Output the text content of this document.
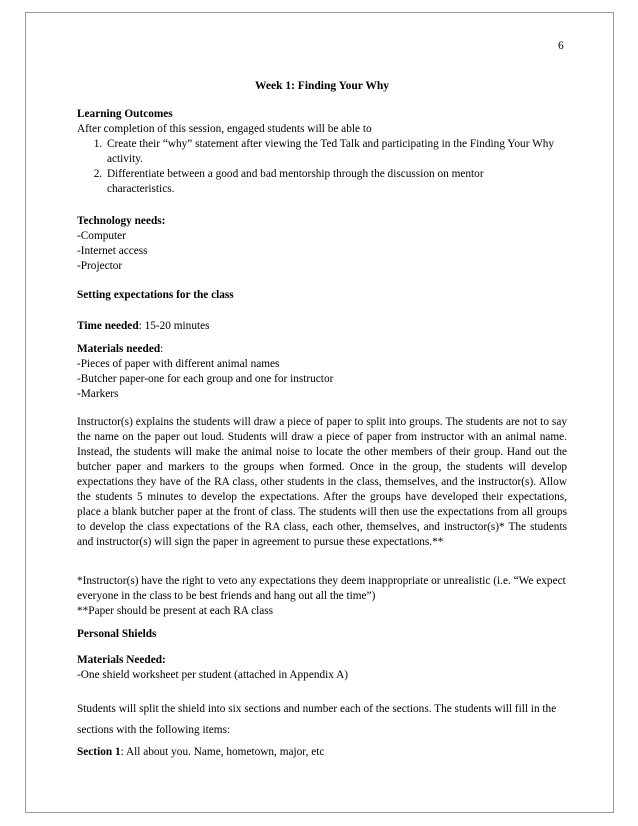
6
Week 1: Finding Your Why

Learning Outcomes

After completion of this session, engaged students will be able to

1. Create their “why” statement after viewing the Ted Talk and participating in the Finding Your Why activity.
2. Differentiate between a good and bad mentorship through the discussion on mentor characteristics.

Technology needs:

-Computer

-Internet access

-Projector

Setting expectations for the class

Time needed: 15-20 minutes

Materials needed:

-Pieces of paper with different animal names

-Butcher paper-one for each group and one for instructor

-Markers

Instructor(s) explains the students will draw a piece of paper to split into groups. The students are not to say the name on the paper out loud. Students will draw a piece of paper from instructor with an animal name. Instead, the students will make the animal noise to locate the other members of their group. Hand out the butcher paper and markers to the groups when formed. Once in the group, the students will develop expectations they have of the RA class, other students in the class, themselves, and the instructor(s). Allow the students 5 minutes to develop the expectations. After the groups have developed their expectations, place a blank butcher paper at the front of class. The students will then use the expectations from all groups to develop the class expectations of the RA class, each other, themselves, and instructor(s)* The students and instructor(s) will sign the paper in agreement to pursue these expectations.**
*Instructor(s) have the right to veto any expectations they deem inappropriate or unrealistic (i.e. “We expect everyone in the class to be best friends and hang out all the time”)
**Paper should be present at each RA class

Personal Shields

Materials Needed:

-One shield worksheet per student (attached in Appendix A)

Students will split the shield into six sections and number each of the sections. The students will fill in the sections with the following items:

Section 1: All about you. Name, hometown, major, etc
